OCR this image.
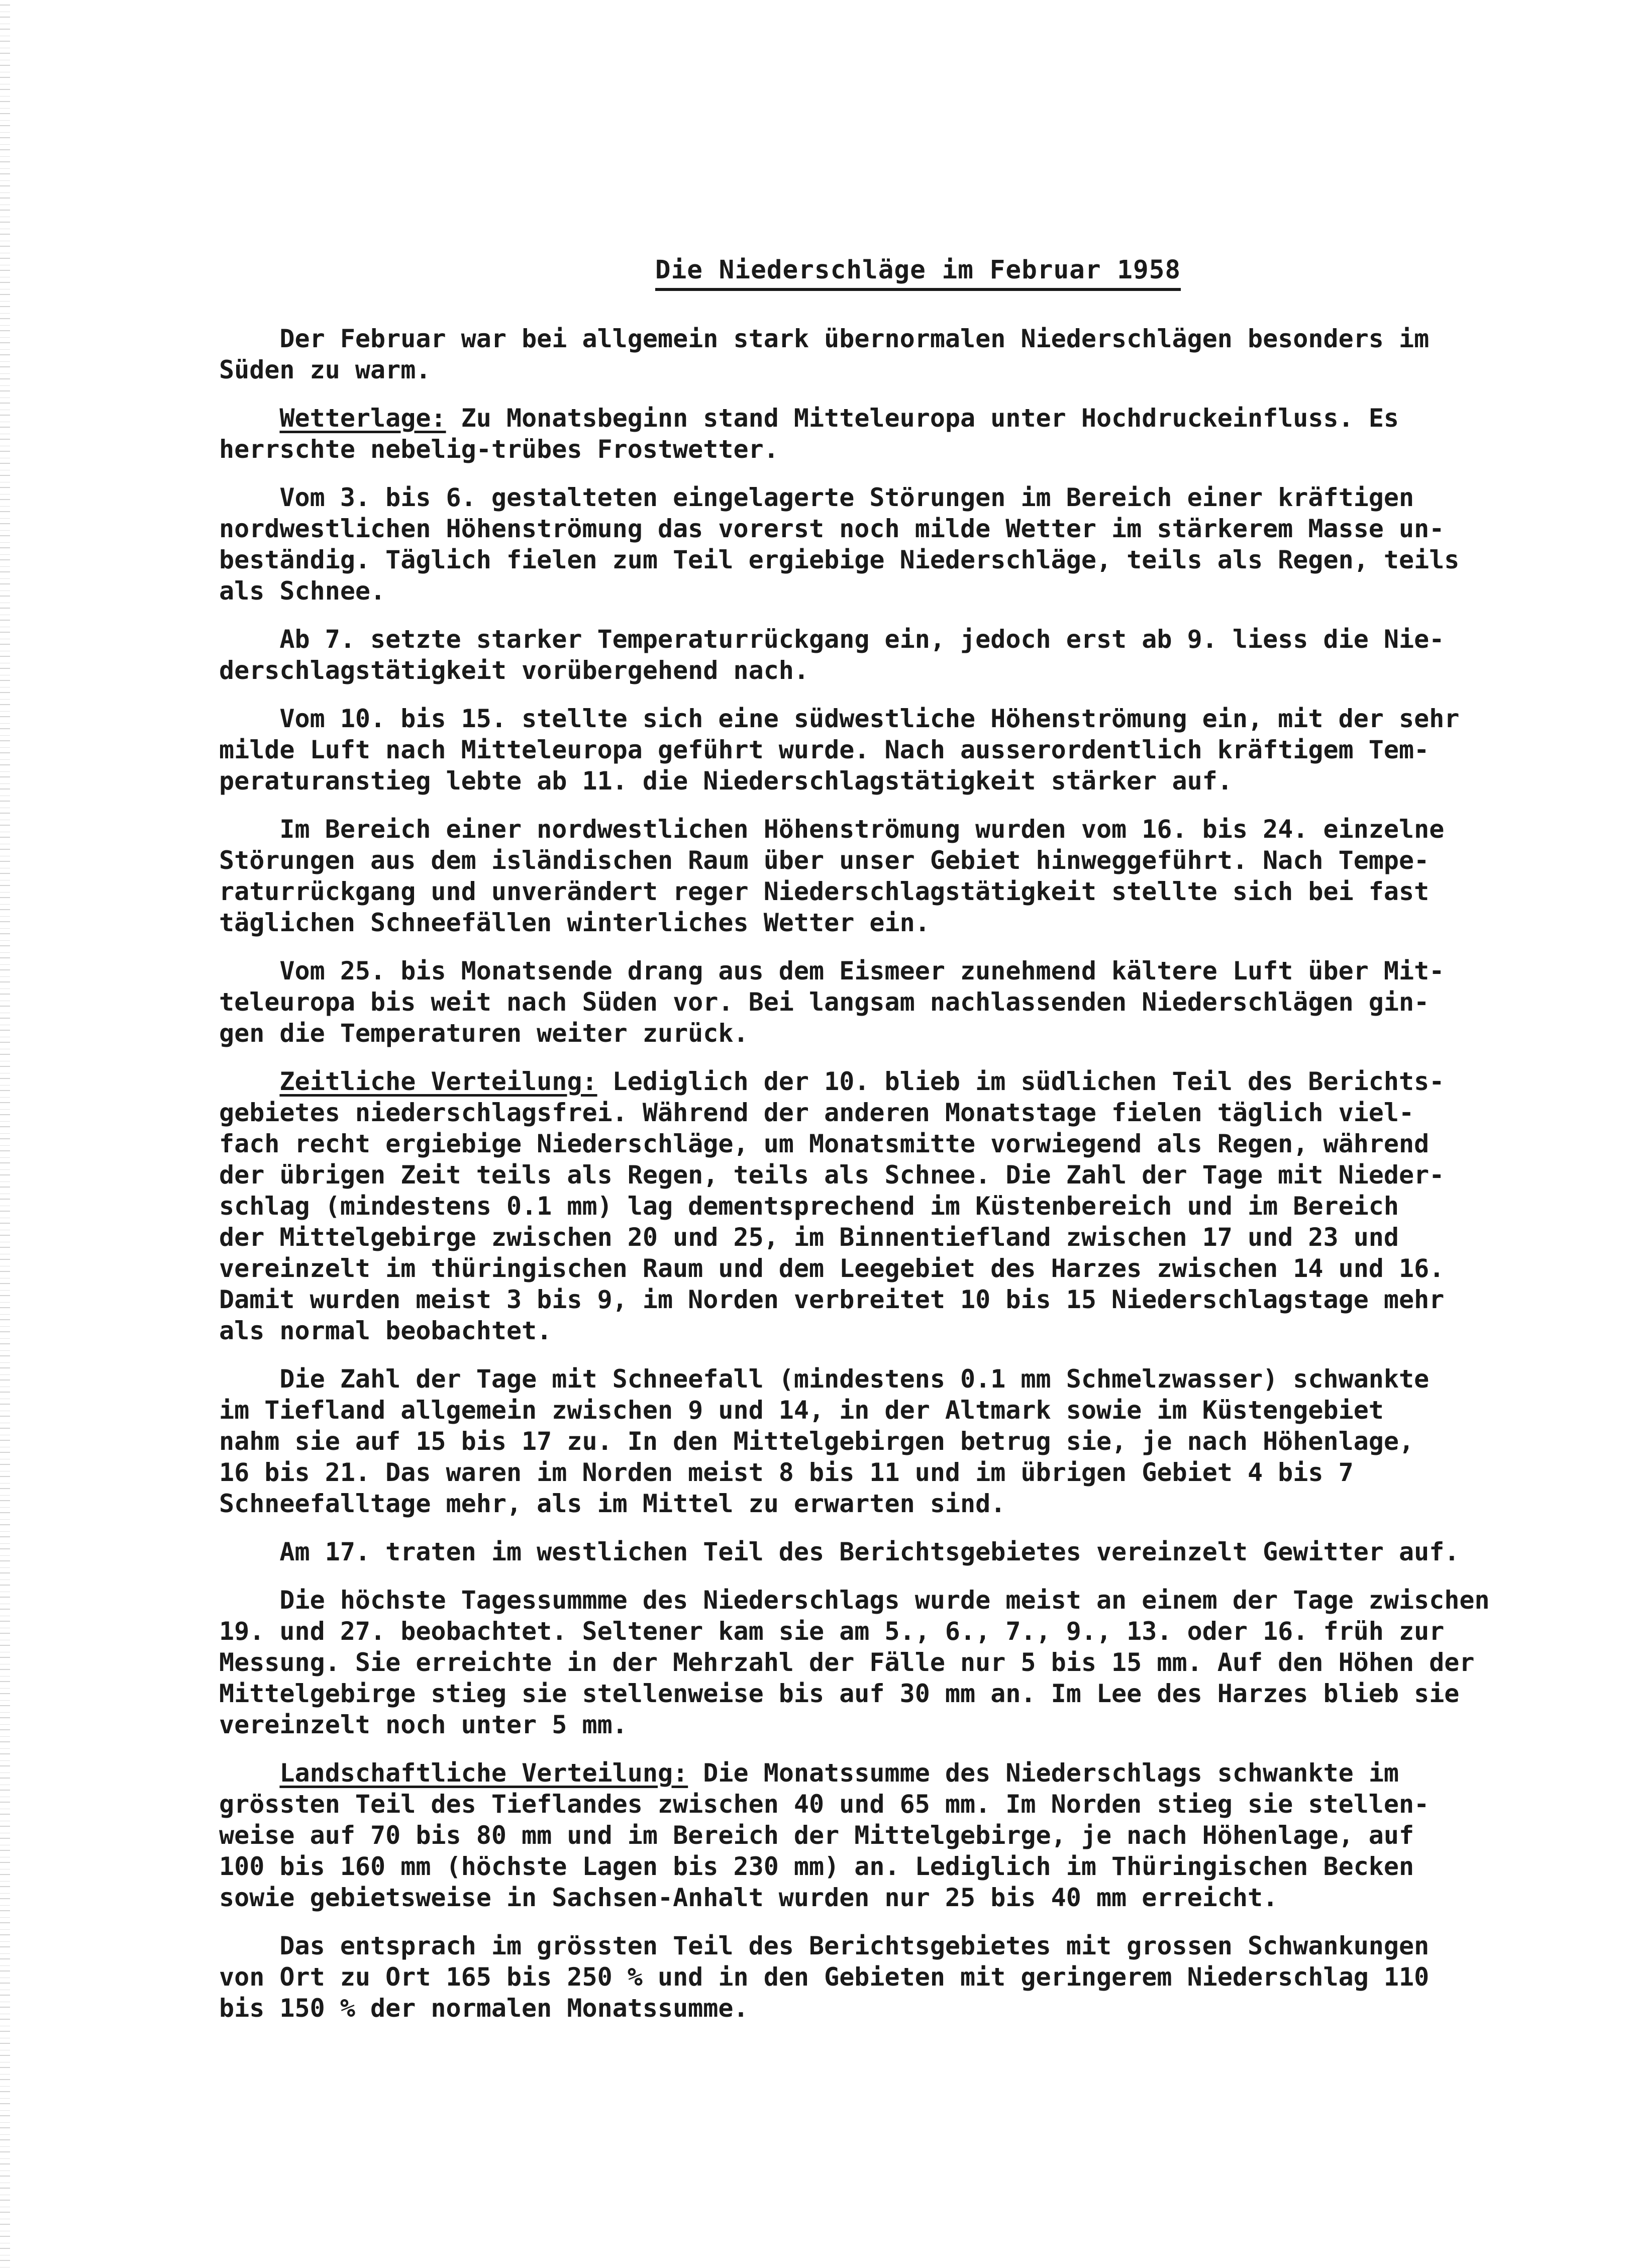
Die Niederschläge im Februar 1958
Der Februar war bei allgemein stark übernormalen Niederschlägen besonders im
Süden zu warm.
Wetterlage: Zu Monatsbeginn stand Mitteleuropa unter Hochdruckeinfluss. Es
herrschte nebelig-trübes Frostwetter.
Vom 3. bis 6. gestalteten eingelagerte Störungen im Bereich einer kräftigen
nordwestlichen Höhenströmung das vorerst noch milde Wetter im stärkerem Masse un-
beständig. Täglich fielen zum Teil ergiebige Niederschläge, teils als Regen, teils
als Schnee.
Ab 7. setzte starker Temperaturrückgang ein, jedoch erst ab 9. liess die Nie-
derschlagstätigkeit vorübergehend nach.
Vom 10. bis 15. stellte sich eine südwestliche Höhenströmung ein, mit der sehr
milde Luft nach Mitteleuropa geführt wurde. Nach ausserordentlich kräftigem Tem-
peraturanstieg lebte ab 11. die Niederschlagstätigkeit stärker auf.
Im Bereich einer nordwestlichen Höhenströmung wurden vom 16. bis 24. einzelne
Störungen aus dem isländischen Raum über unser Gebiet hinweggeführt. Nach Tempe-
raturrückgang und unverändert reger Niederschlagstätigkeit stellte sich bei fast
täglichen Schneefällen winterliches Wetter ein.
Vom 25. bis Monatsende drang aus dem Eismeer zunehmend kältere Luft über Mit-
teleuropa bis weit nach Süden vor. Bei langsam nachlassenden Niederschlägen gin-
gen die Temperaturen weiter zurück.
Zeitliche Verteilung: Lediglich der 10. blieb im südlichen Teil des Berichts-
gebietes niederschlagsfrei. Während der anderen Monatstage fielen täglich viel-
fach recht ergiebige Niederschläge, um Monatsmitte vorwiegend als Regen, während
der übrigen Zeit teils als Regen, teils als Schnee. Die Zahl der Tage mit Nieder-
schlag (mindestens 0.1 mm) lag dementsprechend im Küstenbereich und im Bereich
der Mittelgebirge zwischen 20 und 25, im Binnentiefland zwischen 17 und 23 und
vereinzelt im thüringischen Raum und dem Leegebiet des Harzes zwischen 14 und 16.
Damit wurden meist 3 bis 9, im Norden verbreitet 10 bis 15 Niederschlagstage mehr
als normal beobachtet.
Die Zahl der Tage mit Schneefall (mindestens 0.1 mm Schmelzwasser) schwankte
im Tiefland allgemein zwischen 9 und 14, in der Altmark sowie im Küstengebiet
nahm sie auf 15 bis 17 zu. In den Mittelgebirgen betrug sie, je nach Höhenlage,
16 bis 21. Das waren im Norden meist 8 bis 11 und im übrigen Gebiet 4 bis 7
Schneefalltage mehr, als im Mittel zu erwarten sind.
Am 17. traten im westlichen Teil des Berichtsgebietes vereinzelt Gewitter auf.
Die höchste Tagessummme des Niederschlags wurde meist an einem der Tage zwischen
19. und 27. beobachtet. Seltener kam sie am 5., 6., 7., 9., 13. oder 16. früh zur
Messung. Sie erreichte in der Mehrzahl der Fälle nur 5 bis 15 mm. Auf den Höhen der
Mittelgebirge stieg sie stellenweise bis auf 30 mm an. Im Lee des Harzes blieb sie
vereinzelt noch unter 5 mm.
Landschaftliche Verteilung: Die Monatssumme des Niederschlags schwankte im
grössten Teil des Tieflandes zwischen 40 und 65 mm. Im Norden stieg sie stellen-
weise auf 70 bis 80 mm und im Bereich der Mittelgebirge, je nach Höhenlage, auf
100 bis 160 mm (höchste Lagen bis 230 mm) an. Lediglich im Thüringischen Becken
sowie gebietsweise in Sachsen-Anhalt wurden nur 25 bis 40 mm erreicht.
Das entsprach im grössten Teil des Berichtsgebietes mit grossen Schwankungen
von Ort zu Ort 165 bis 250 % und in den Gebieten mit geringerem Niederschlag 110
bis 150 % der normalen Monatssumme.
